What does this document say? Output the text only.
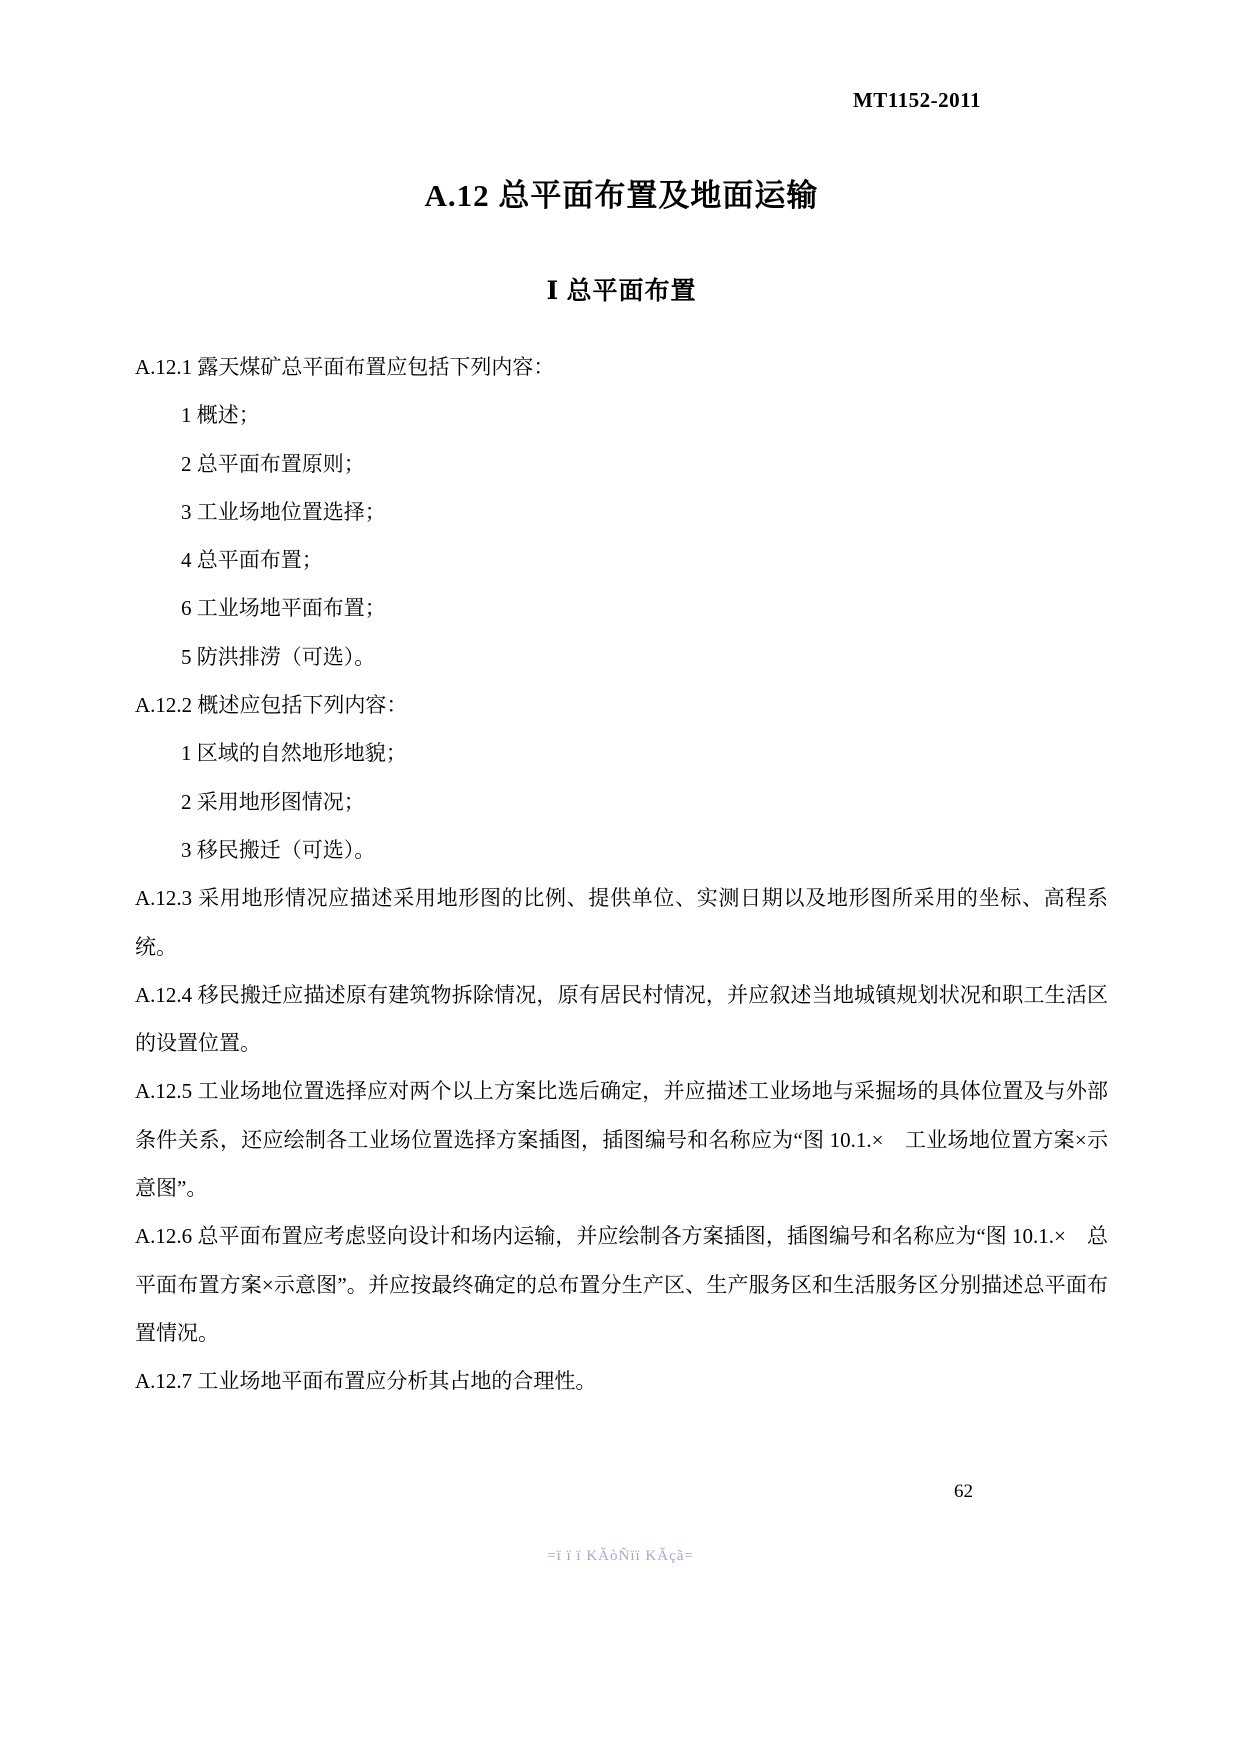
MT1152-2011
A.12 总平面布置及地面运输
Ⅰ 总平面布置

A.12.1 露天煤矿总平面布置应包括下列内容：

1 概述；

2 总平面布置原则；

3 工业场地位置选择；

4 总平面布置；

6 工业场地平面布置；

5 防洪排涝（可选）。

A.12.2 概述应包括下列内容：

1 区域的自然地形地貌；

2 采用地形图情况；

3 移民搬迁（可选）。

A.12.3 采用地形情况应描述采用地形图的比例、提供单位、实测日期以及地形图所采用的坐标、高程系统。

A.12.4 移民搬迁应描述原有建筑物拆除情况，原有居民村情况，并应叙述当地城镇规划状况和职工生活区的设置位置。

A.12.5 工业场地位置选择应对两个以上方案比选后确定，并应描述工业场地与采掘场的具体位置及与外部条件关系，还应绘制各工业场位置选择方案插图，插图编号和名称应为“图 10.1.×　工业场地位置方案×示意图”。

A.12.6 总平面布置应考虑竖向设计和场内运输，并应绘制各方案插图，插图编号和名称应为“图 10.1.×　总平面布置方案×示意图”。并应按最终确定的总布置分生产区、生产服务区和生活服务区分别描述总平面布置情况。

A.12.7 工业场地平面布置应分析其占地的合理性。

62
=ï ï ï KǍòÑïï KǍçã=
